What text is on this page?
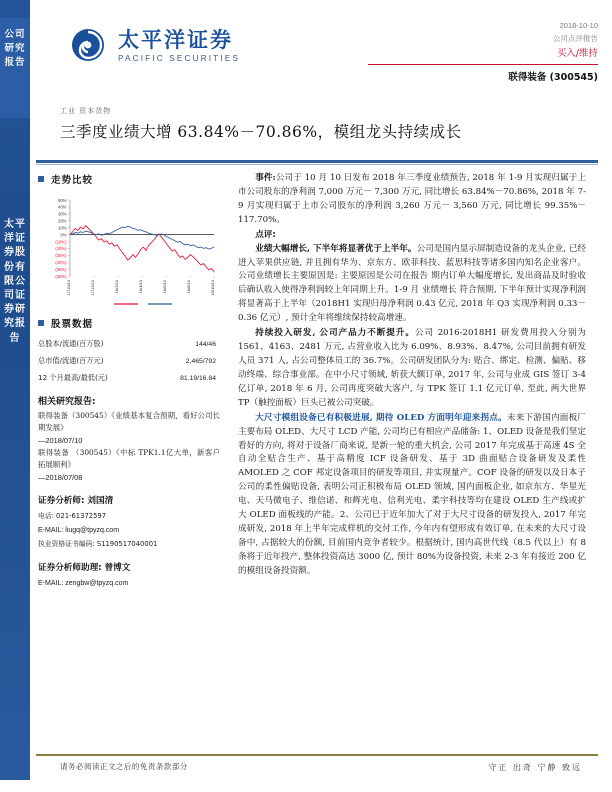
公司研究报告
太平洋证券股份有限公司证券研究报告
太平洋证券
PACIFIC SECURITIES
2018-10-10
公司点评报告
买入/维持
联得装备 (300545)
工业 资本货物
三季度业绩大增 63.84%－70.86%，模组龙头持续成长
走势比较
50%
40%
30%
20%
10%
0%
(10%)
(20%)
(30%)
(40%)
(50%)
(60%)
17/10/10	17/12/10	18/2/10	18/4/10	18/6/10	18/8/10	18/10/10
股票数据
总股本/流通(百万股)	144/46
总市值/流通(百万元)	2,465/792
12 个月最高/最低(元)	81.19/16.84
相关研究报告:
联得装备（300545）《业绩基本复合预期，看好公司长期发展》
—2018/07/10
联得装备 （300545）《中标 TPK1.1亿大单，新客户拓展顺利》
—2018/07/08
证券分析师: 刘国清
电话: 021-61372597
E-MAIL: liugq@tpyzq.com
执业资格证书编码: S1190517040001
证券分析师助理: 曾博文
E-MAIL: zengbw@tpyzq.com

事件:公司于 10 月 10 日发布 2018 年三季度业绩预告, 2018 年 1-9 月实现归属于上市公司股东的净利润 7,000 万元－ 7,300 万元, 同比增长 63.84%－70.86%, 2018 年 7-9 月实现归属于上市公司股东的净利润 3,260 万元－ 3,560 万元, 同比增长 99.35%－117.70%。

点评:

业绩大幅增长, 下半年将显著优于上半年。公司是国内显示屏制造设备的龙头企业, 已经进入苹果供应链, 并且拥有华为、京东方、欧菲科技、蓝思科技等诸多国内知名企业客户。公司业绩增长主要原因是: 主要原因是公司在报告 期内订单大幅度增长, 发出商品及时验收后确认收入使得净利润较上年同期上升。1-9 月 业绩增长 符合预期, 下半年预计实现净利润将显著高于上半年（2018H1 实现归母净利润 0.43 亿元, 2018 年 Q3 实现净利润 0.33－0.36 亿元）, 预计全年将维续保持较高增速。

持续投入研发, 公司产品力不断提升。公司 2016-2018H1 研发费用投入分别为 1561、4163、2481 万元, 占营业收入比为 6.09%、8.93%、8.47%, 公司目前拥有研发人员 371 人, 占公司整体员工的 36.7%。公司研发团队分为: 贴合、绑定、检测、偏贴、移动终端、综合事业部。在中小尺寸领域, 斩获大额订单, 2017 年, 公司与业成 GIS 签订 3-4 亿订单, 2018 年 6 月, 公司再度突破大客户, 与 TPK 签订 1.1 亿元订单, 至此, 两大世界 TP（触控面板）巨头已被公司突破。

大尺寸模组设备已有积极进展, 期待 OLED 方面明年迎来拐点。未来下游国内面板厂主要布局 OLED、大尺寸 LCD 产能, 公司均已有相应产品储备: 1、OLED 设备是我们坚定看好的方向, 将对于设备厂商来说, 是新一轮的重大机会, 公司 2017 年完成基于高速 4S 全自动全贴合生产、基于高精度 ICF 设备研发、基于 3D 曲面贴合设备研发及柔性 AMOLED 之 COF 邦定设备项目的研发等项目, 并实现量产。COF 设备的研发以及日本子公司的柔性偏贴设备, 表明公司正积极布局 OLED 领域, 国内面板企业, 如京东方、华星光电、天马微电子、维信诺、和辉光电、信利光电、柔宇科技等均在建设 OLED 生产线或扩大 OLED 面板线的产能。2、公司已于近年加大了对于大尺寸设备的研发投入, 2017 年完成研发, 2018 年上半年完成样机的交付工作, 今年内有望形成有效订单, 在未来的大尺寸设备中, 占据较大的份额, 目前国内竞争者较少。根据统计, 国内高世代线（8.5 代以上）有 8 条将于近年投产, 整体投资高达 3000 亿, 预计 80%为设备投资, 未来 2-3 年有接近 200 亿的模组设备投资额。

请务必阅读正文之后的免责条款部分	守正 出奇 宁静 致远
